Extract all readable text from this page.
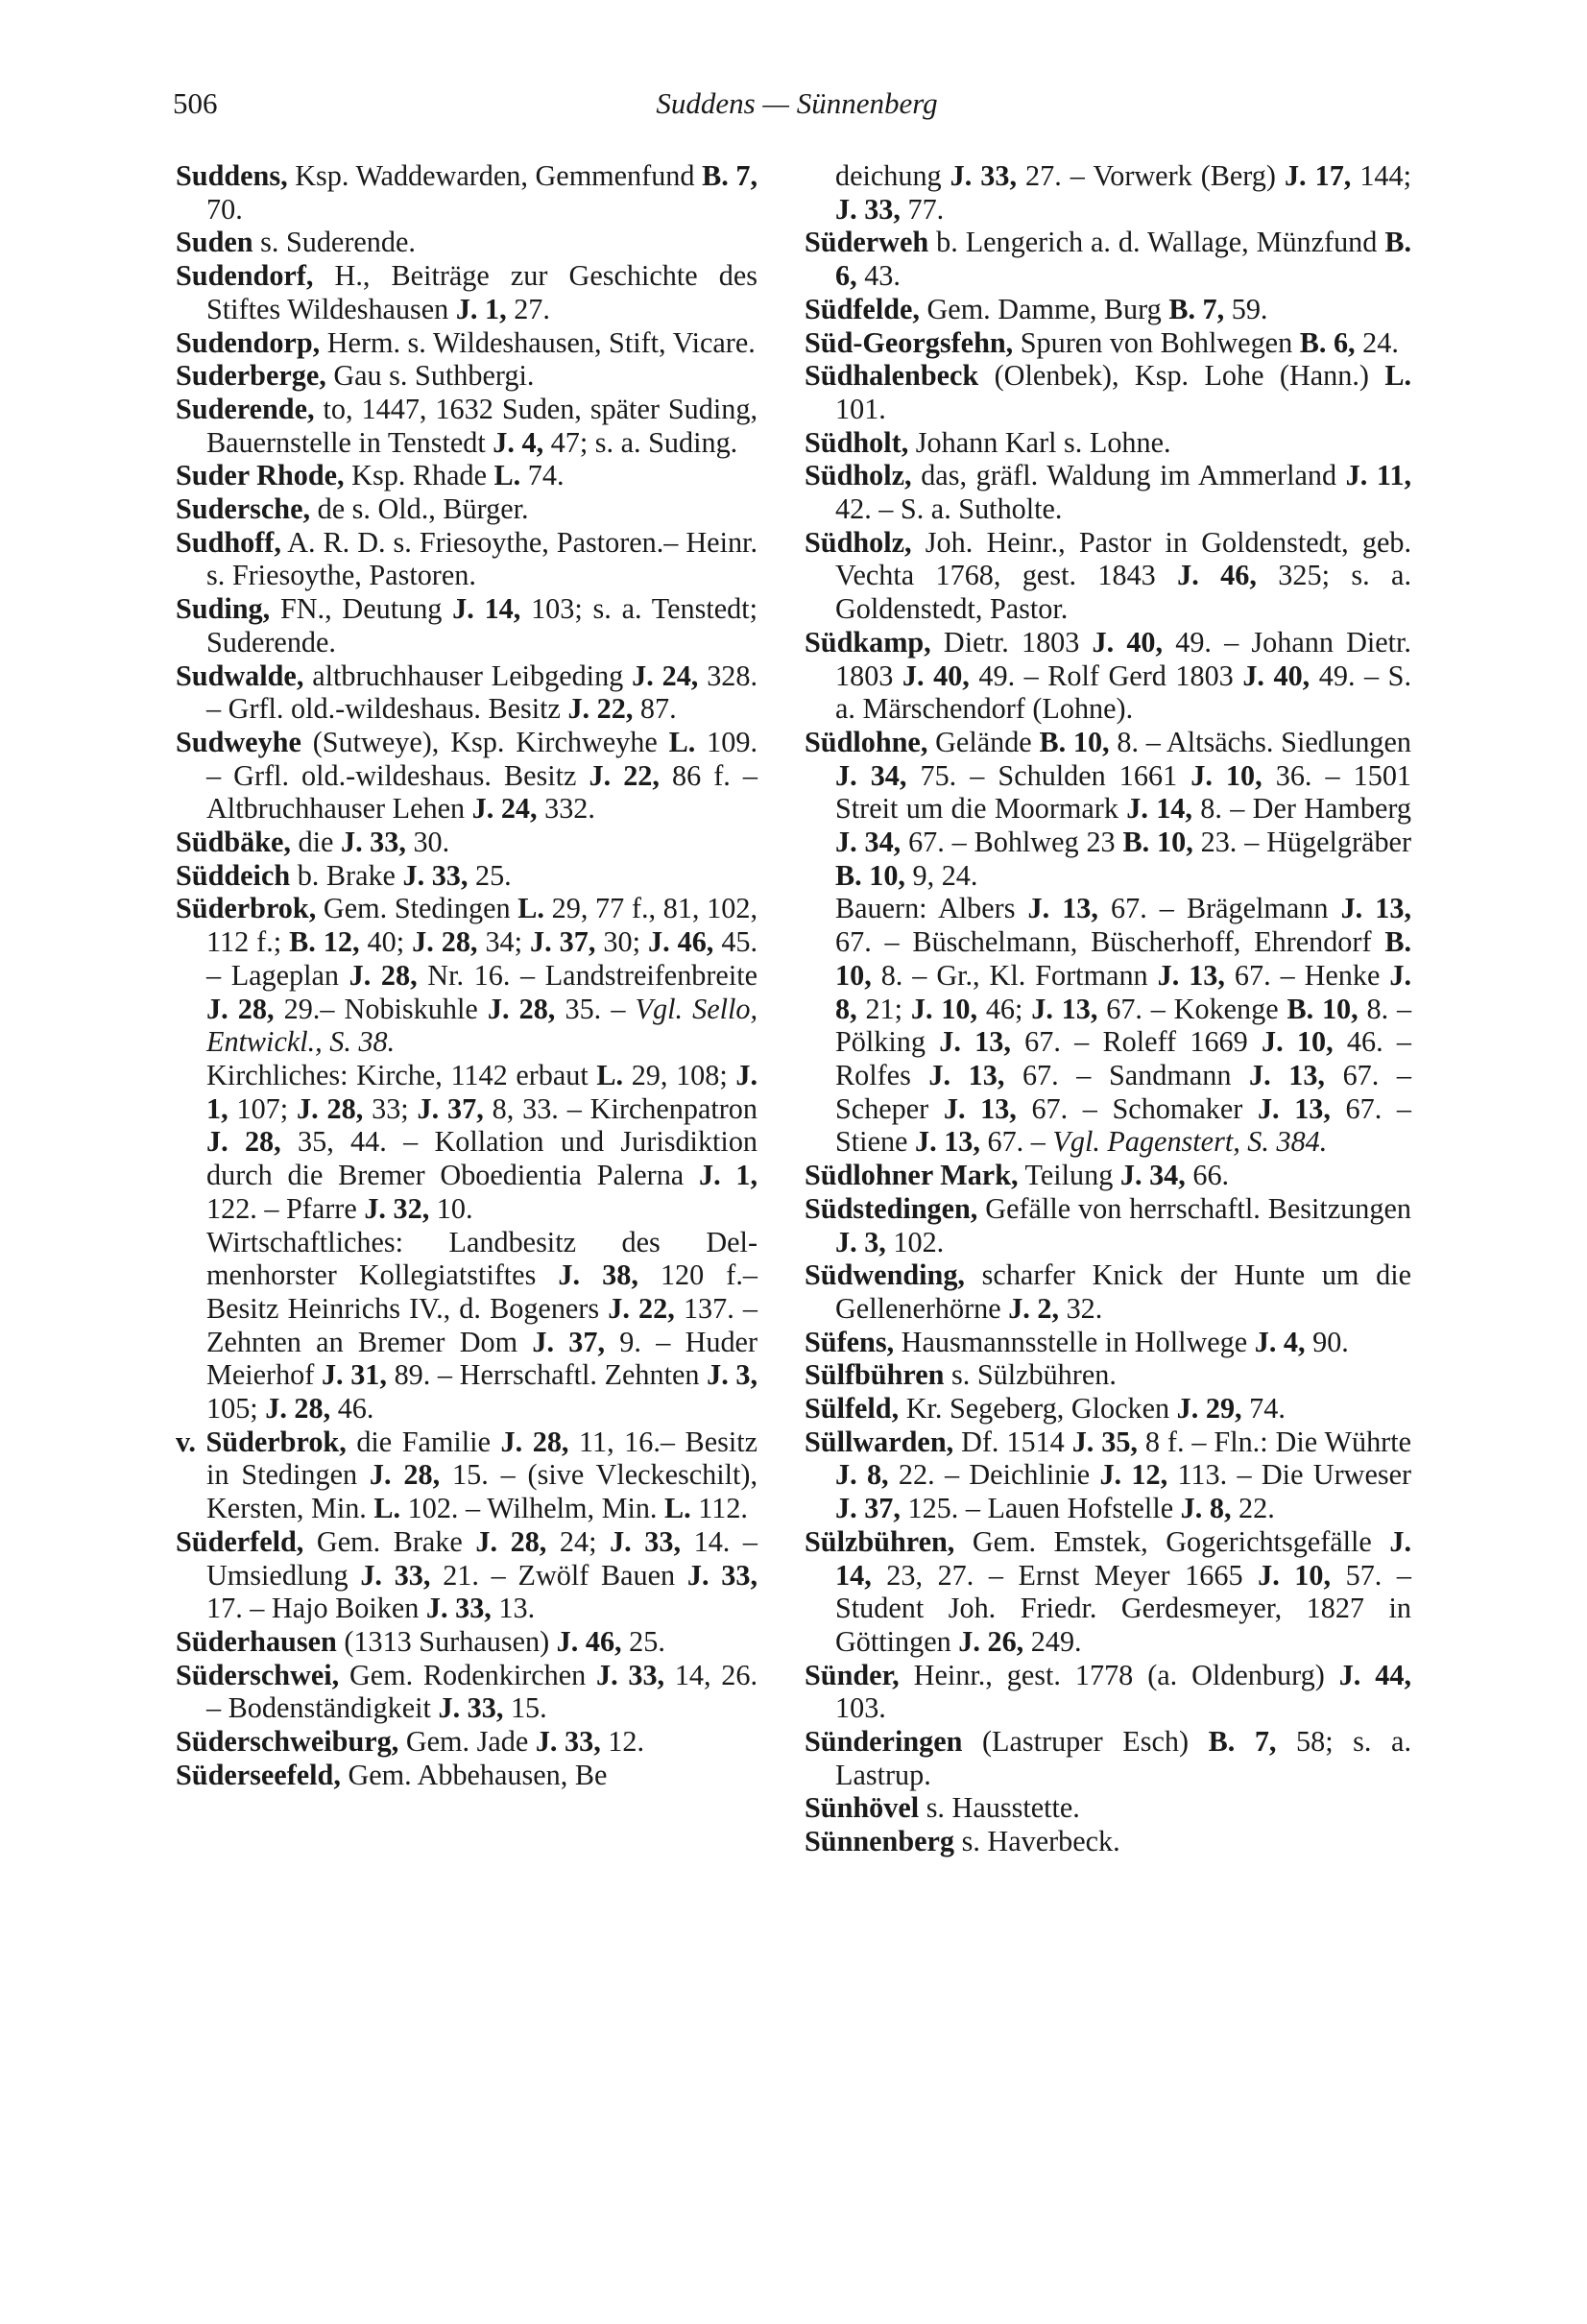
506	Suddens — Sünnenberg

Suddens, Ksp. Waddewarden, Gemmenfund B. 7, 70.

Suden s. Suderende.

Sudendorf, H., Beiträge zur Geschichte des Stiftes Wildeshausen J. 1, 27.

Sudendorp, Herm. s. Wildeshausen, Stift, Vicare.

Suderberge, Gau s. Suthbergi.

Suderende, to, 1447, 1632 Suden, später Suding, Bauernstelle in Tenstedt J. 4, 47; s. a. Suding.

Suder Rhode, Ksp. Rhade L. 74.

Sudersche, de s. Old., Bürger.

Sudhoff, A. R. D. s. Friesoythe, Pastoren.– Heinr. s. Friesoythe, Pastoren.

Suding, FN., Deutung J. 14, 103; s. a. Tenstedt; Suderende.

Sudwalde, altbruchhauser Leibgeding J. 24, 328. – Grfl. old.-wildeshaus. Besitz J. 22, 87.

Sudweyhe (Sutweye), Ksp. Kirchweyhe L. 109. – Grfl. old.-wildeshaus. Besitz J. 22, 86 f. – Altbruchhauser Lehen J. 24, 332.

Südbäke, die J. 33, 30.

Süddeich b. Brake J. 33, 25.

Süderbrok, Gem. Stedingen L. 29, 77 f., 81, 102, 112 f.; B. 12, 40; J. 28, 34; J. 37, 30; J. 46, 45. – Lageplan J. 28, Nr. 16. – Landstreifenbreite J. 28, 29.– Nobiskuhle J. 28, 35. – Vgl. Sello, Entwickl., S. 38.

Kirchliches: Kirche, 1142 erbaut L. 29, 108; J. 1, 107; J. 28, 33; J. 37, 8, 33. – Kirchenpatron J. 28, 35, 44. – Kollation und Jurisdiktion durch die Bremer Oboedientia Palerna J. 1, 122. – Pfarre J. 32, 10.

Wirtschaftliches: Landbesitz des Delmenhorster Kollegiatstiftes J. 38, 120 f.– Besitz Heinrichs IV., d. Bogeners J. 22, 137. – Zehnten an Bremer Dom J. 37, 9. – Huder Meierhof J. 31, 89. – Herrschaftl. Zehnten J. 3, 105; J. 28, 46.

v. Süderbrok, die Familie J. 28, 11, 16.– Besitz in Stedingen J. 28, 15. – (sive Vleckeschilt), Kersten, Min. L. 102. – Wilhelm, Min. L. 112.

Süderfeld, Gem. Brake J. 28, 24; J. 33, 14. – Umsiedlung J. 33, 21. – Zwölf Bauen J. 33, 17. – Hajo Boiken J. 33, 13.

Süderhausen (1313 Surhausen) J. 46, 25.

Süderschwei, Gem. Rodenkirchen J. 33, 14, 26. – Bodenständigkeit J. 33, 15.

Süderschweiburg, Gem. Jade J. 33, 12.

Süderseefeld, Gem. Abbehausen, Be

deichung J. 33, 27. – Vorwerk (Berg) J. 17, 144; J. 33, 77.

Süderweh b. Lengerich a. d. Wallage, Münzfund B. 6, 43.

Südfelde, Gem. Damme, Burg B. 7, 59.

Süd-Georgsfehn, Spuren von Bohlwegen B. 6, 24.

Südhalenbeck (Olenbek), Ksp. Lohe (Hann.) L. 101.

Südholt, Johann Karl s. Lohne.

Südholz, das, gräfl. Waldung im Ammerland J. 11, 42. – S. a. Sutholte.

Südholz, Joh. Heinr., Pastor in Goldenstedt, geb. Vechta 1768, gest. 1843 J. 46, 325; s. a. Goldenstedt, Pastor.

Südkamp, Dietr. 1803 J. 40, 49. – Johann Dietr. 1803 J. 40, 49. – Rolf Gerd 1803 J. 40, 49. – S. a. Märschendorf (Lohne).

Südlohne, Gelände B. 10, 8. – Altsächs. Siedlungen J. 34, 75. – Schulden 1661 J. 10, 36. – 1501 Streit um die Moormark J. 14, 8. – Der Hamberg J. 34, 67. – Bohlweg 23 B. 10, 23. – Hügelgräber B. 10, 9, 24.

Bauern: Albers J. 13, 67. – Brägelmann J. 13, 67. – Büschelmann, Büscherhoff, Ehrendorf B. 10, 8. – Gr., Kl. Fortmann J. 13, 67. – Henke J. 8, 21; J. 10, 46; J. 13, 67. – Kokenge B. 10, 8. – Pölking J. 13, 67. – Roleff 1669 J. 10, 46. – Rolfes J. 13, 67. – Sandmann J. 13, 67. – Scheper J. 13, 67. – Schomaker J. 13, 67. – Stiene J. 13, 67. – Vgl. Pagenstert, S. 384.

Südlohner Mark, Teilung J. 34, 66.

Südstedingen, Gefälle von herrschaftl. Besitzungen J. 3, 102.

Südwending, scharfer Knick der Hunte um die Gellenerhörne J. 2, 32.

Süfens, Hausmannsstelle in Hollwege J. 4, 90.

Sülfbühren s. Sülzbühren.

Sülfeld, Kr. Segeberg, Glocken J. 29, 74.

Süllwarden, Df. 1514 J. 35, 8 f. – Fln.: Die Wührte J. 8, 22. – Deichlinie J. 12, 113. – Die Urweser J. 37, 125. – Lauen Hofstelle J. 8, 22.

Sülzbühren, Gem. Emstek, Gogerichtsgefälle J. 14, 23, 27. – Ernst Meyer 1665 J. 10, 57. – Student Joh. Friedr. Gerdesmeyer, 1827 in Göttingen J. 26, 249.

Sünder, Heinr., gest. 1778 (a. Oldenburg) J. 44, 103.

Sünderingen (Lastruper Esch) B. 7, 58; s. a. Lastrup.

Sünhövel s. Hausstette.

Sünnenberg s. Haverbeck.
